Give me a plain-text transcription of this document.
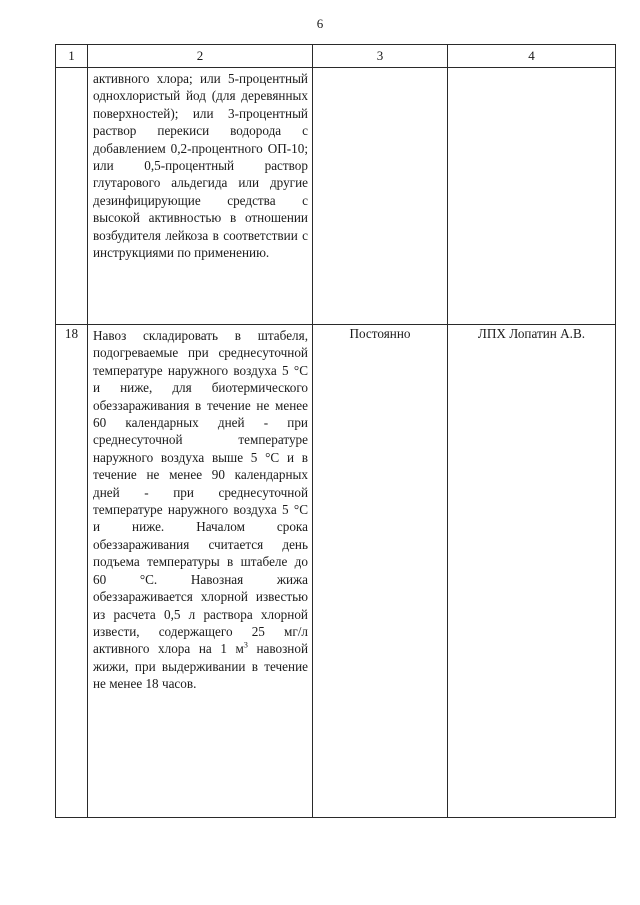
6
1	2	3	4

	активного хлора; или 5-процентный однохлористый йод (для деревянных поверхностей); или 3-процентный раствор перекиси водорода с добавлением 0,2-процентного ОП-10; или 0,5-процентный раствор глутарового альдегида или другие дезинфицирующие средства с высокой активностью в отношении возбудителя лейкоза в соответствии с инструкциями по применению.		

18	Навоз складировать в штабеля, подогреваемые при среднесуточной температуре наружного воздуха 5 °С и ниже, для биотермического обеззараживания в течение не менее 60 календарных дней - при среднесуточной температуре наружного воздуха выше 5 °С и в течение не менее 90 календарных дней - при среднесуточной температуре наружного воздуха 5 °С и ниже. Началом срока обеззараживания считается день подъема температуры в штабеле до 60 °С. Навозная жижа обеззараживается хлорной известью из расчета 0,5 л раствора хлорной извести, содержащего 25 мг/л активного хлора на 1 $м^3$ навозной жижи, при выдерживании в течение не менее 18 часов.	Постоянно	ЛПХ Лопатин А.В.
